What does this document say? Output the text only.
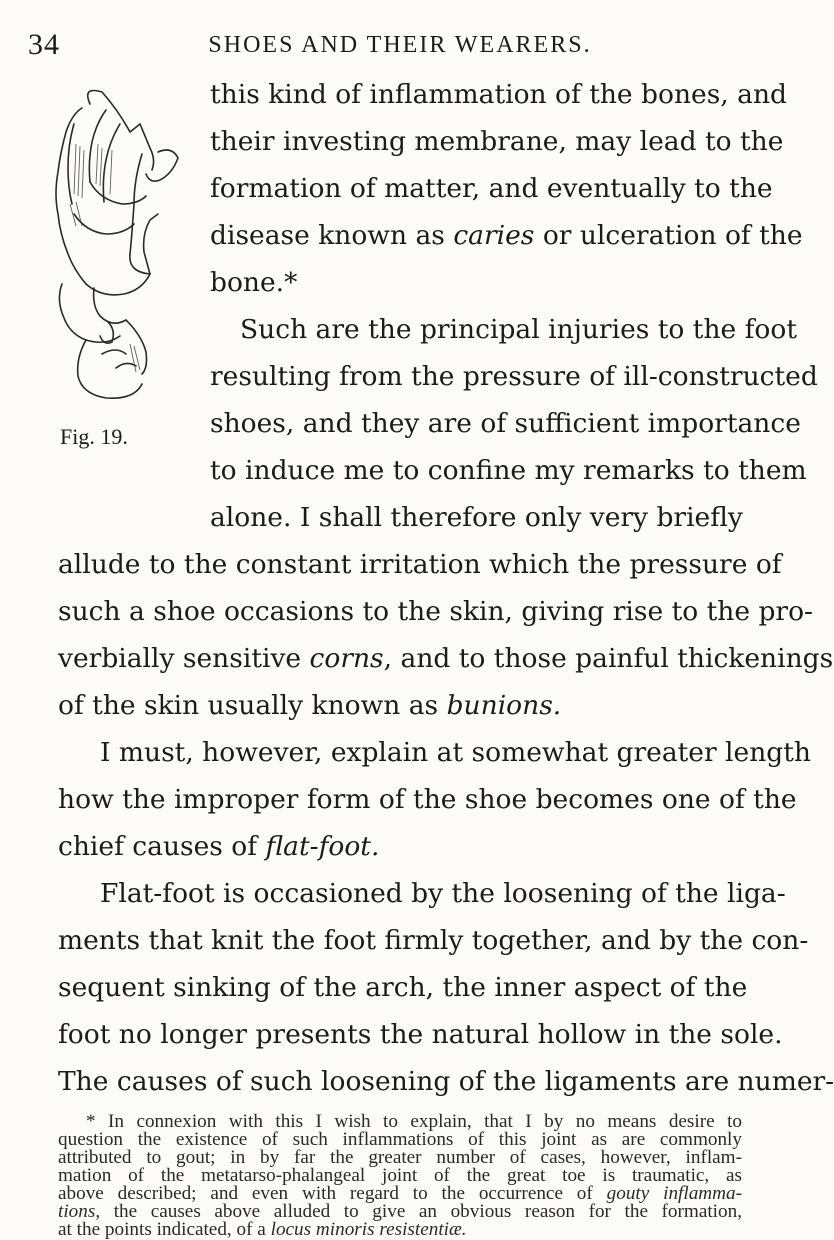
34	SHOES AND THEIR WEARERS.
Fig. 19.
this kind of inflammation of the bones, and
their investing membrane, may lead to the
formation of matter, and eventually to the
disease known as caries or ulceration of the
bone.*
Such are the principal injuries to the foot
resulting from the pressure of ill-constructed
shoes, and they are of sufficient importance
to induce me to confine my remarks to them
alone. I shall therefore only very briefly
allude to the constant irritation which the pressure of
such a shoe occasions to the skin, giving rise to the pro-
verbially sensitive corns, and to those painful thickenings
of the skin usually known as bunions.
I must, however, explain at somewhat greater length
how the improper form of the shoe becomes one of the
chief causes of flat-foot.
Flat-foot is occasioned by the loosening of the liga-
ments that knit the foot firmly together, and by the con-
sequent sinking of the arch, the inner aspect of the
foot no longer presents the natural hollow in the sole.
The causes of such loosening of the ligaments are numer-
* In connexion with this I wish to explain, that I by no means desire to
question the existence of such inflammations of this joint as are commonly
attributed to gout; in by far the greater number of cases, however, inflam-
mation of the metatarso-phalangeal joint of the great toe is traumatic, as
above described; and even with regard to the occurrence of gouty inflamma-
tions, the causes above alluded to give an obvious reason for the formation,
at the points indicated, of a locus minoris resistentiæ.
